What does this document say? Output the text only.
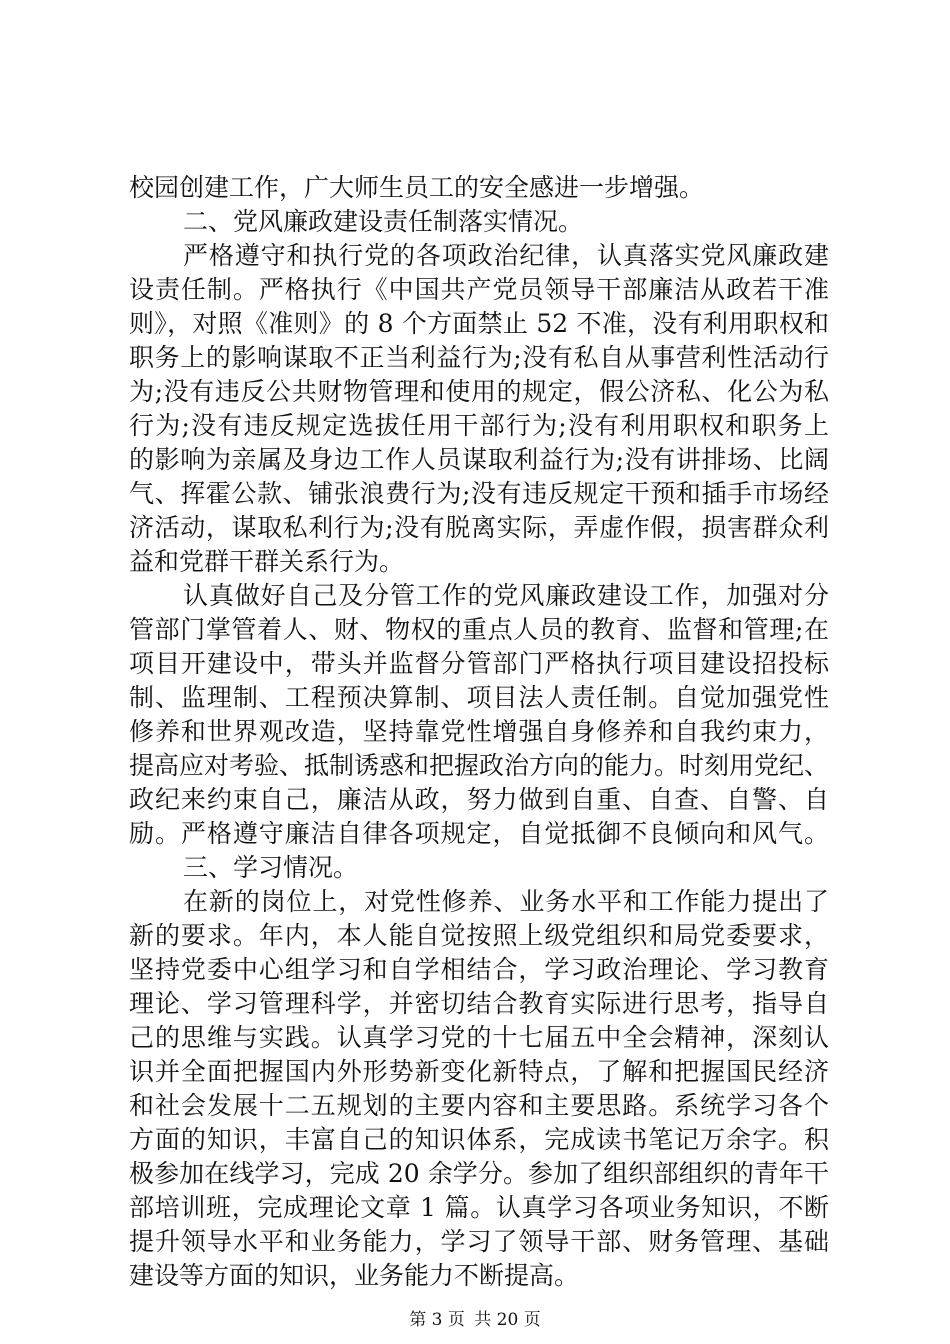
校园创建工作，广大师生员工的安全感进一步增强。
二、党风廉政建设责任制落实情况。
严格遵守和执行党的各项政治纪律，认真落实党风廉政建
设责任制。严格执行《中国共产党员领导干部廉洁从政若干准
则》，对照《准则》的 8 个方面禁止 52 不准，没有利用职权和
职务上的影响谋取不正当利益行为;没有私自从事营利性活动行
为;没有违反公共财物管理和使用的规定，假公济私、化公为私
行为;没有违反规定选拔任用干部行为;没有利用职权和职务上
的影响为亲属及身边工作人员谋取利益行为;没有讲排场、比阔
气、挥霍公款、铺张浪费行为;没有违反规定干预和插手市场经
济活动，谋取私利行为;没有脱离实际，弄虚作假，损害群众利
益和党群干群关系行为。
认真做好自己及分管工作的党风廉政建设工作，加强对分
管部门掌管着人、财、物权的重点人员的教育、监督和管理;在
项目开建设中，带头并监督分管部门严格执行项目建设招投标
制、监理制、工程预决算制、项目法人责任制。自觉加强党性
修养和世界观改造，坚持靠党性增强自身修养和自我约束力，
提高应对考验、抵制诱惑和把握政治方向的能力。时刻用党纪、
政纪来约束自己，廉洁从政，努力做到自重、自查、自警、自
励。严格遵守廉洁自律各项规定，自觉抵御不良倾向和风气。
三、学习情况。
在新的岗位上，对党性修养、业务水平和工作能力提出了
新的要求。年内，本人能自觉按照上级党组织和局党委要求，
坚持党委中心组学习和自学相结合，学习政治理论、学习教育
理论、学习管理科学，并密切结合教育实际进行思考，指导自
己的思维与实践。认真学习党的十七届五中全会精神，深刻认
识并全面把握国内外形势新变化新特点，了解和把握国民经济
和社会发展十二五规划的主要内容和主要思路。系统学习各个
方面的知识，丰富自己的知识体系，完成读书笔记万余字。积
极参加在线学习，完成 20 余学分。参加了组织部组织的青年干
部培训班，完成理论文章 1 篇。认真学习各项业务知识，不断
提升领导水平和业务能力，学习了领导干部、财务管理、基础
建设等方面的知识，业务能力不断提高。
第 3 页 共 20 页
